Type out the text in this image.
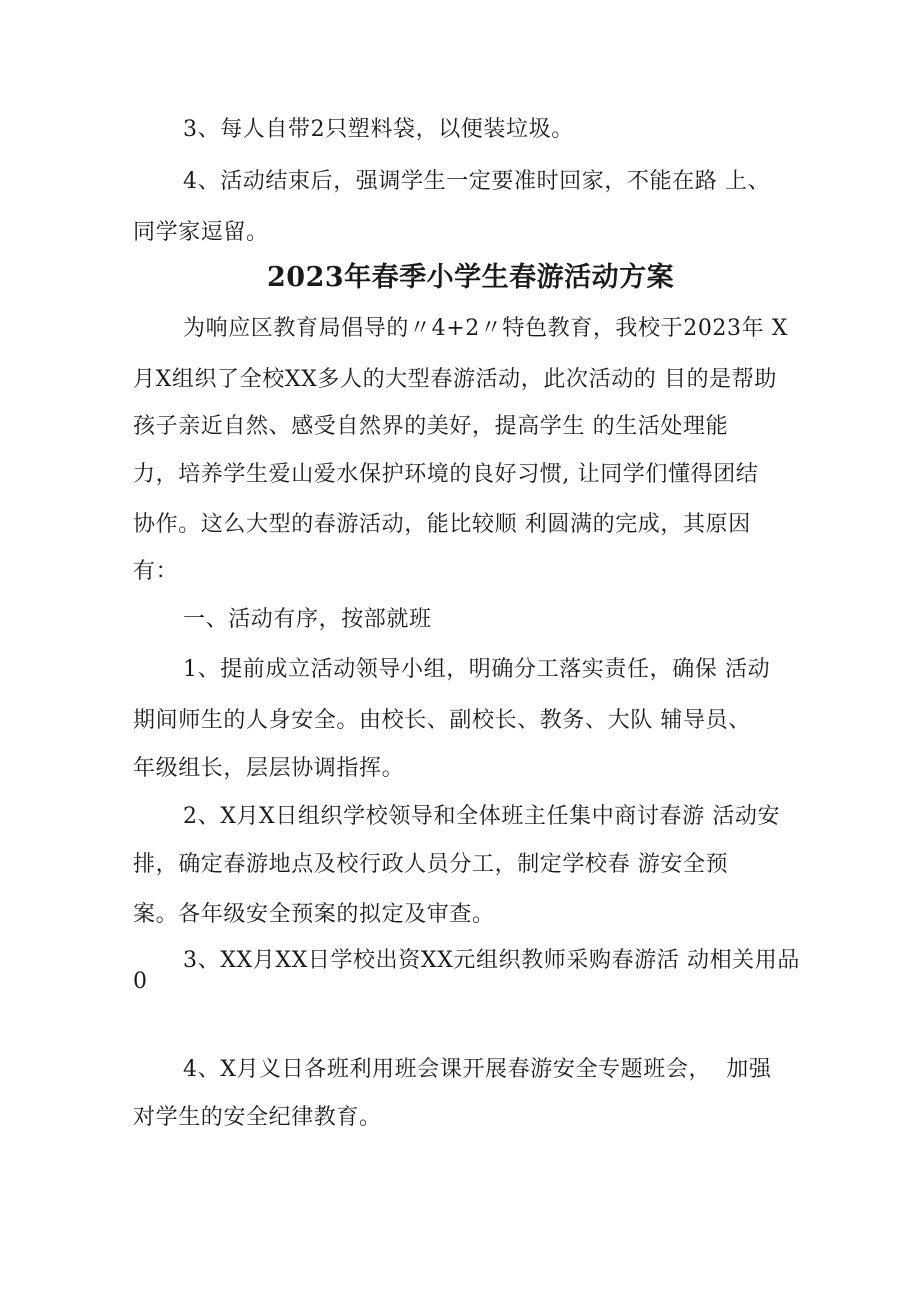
3、每人自带2只塑料袋，以便装垃圾。

4、活动结束后，强调学生一定要准时回家，不能在路 上、

同学家逗留。

2023年春季小学生春游活动方案

为响应区教育局倡导的〃4+2〃特色教育，我校于2023年 X

月X组织了全校XX多人的大型春游活动，此次活动的 目的是帮助

孩子亲近自然、感受自然界的美好，提高学生 的生活处理能

力，培养学生爱山爱水保护环境的良好习惯, 让同学们懂得团结

协作。这么大型的春游活动，能比较顺 利圆满的完成，其原因

有：

一、活动有序，按部就班

1、提前成立活动领导小组，明确分工落实责任，确保 活动

期间师生的人身安全。由校长、副校长、教务、大队 辅导员、

年级组长，层层协调指挥。

2、X月X日组织学校领导和全体班主任集中商讨春游 活动安

排，确定春游地点及校行政人员分工，制定学校春 游安全预

案。各年级安全预案的拟定及审查。

3、XX月XX日学校出资XX元组织教师采购春游活 动相关用品

0

4、X月义日各班利用班会课开展春游安全专题班会，  加强

对学生的安全纪律教育。
